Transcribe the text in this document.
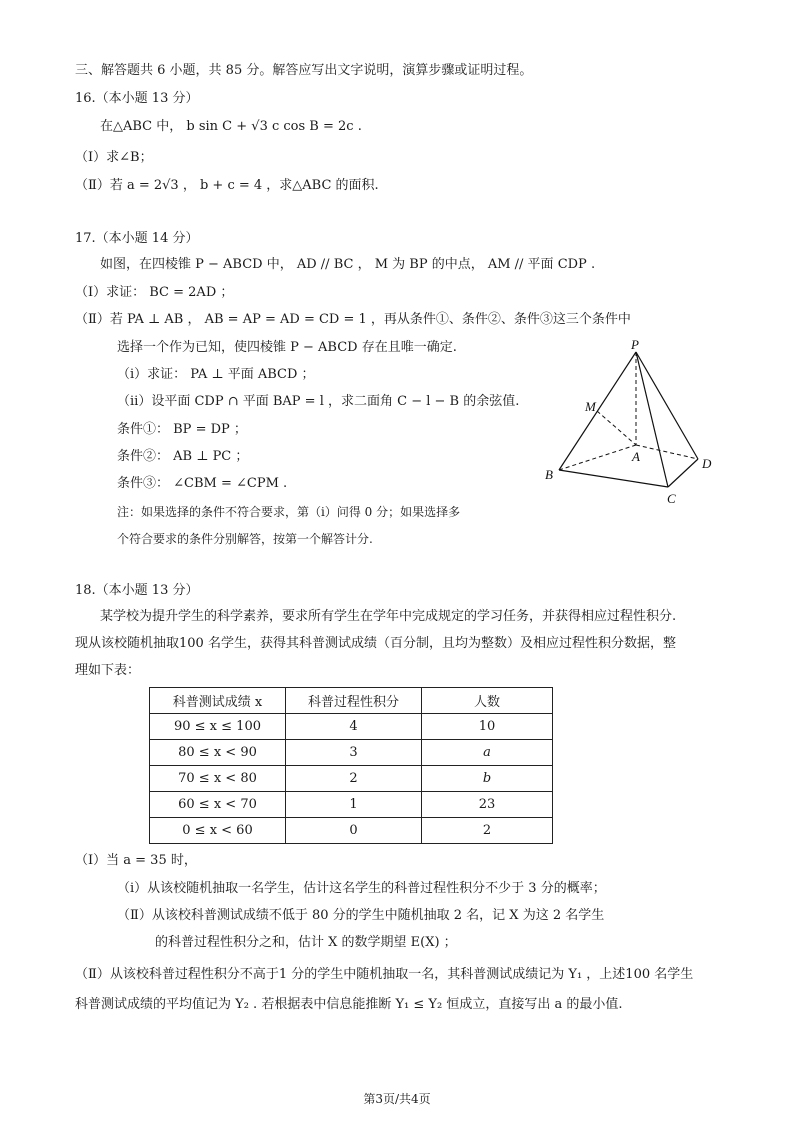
三、解答题共 6 小题，共 85 分。解答应写出文字说明，演算步骤或证明过程。
16.（本小题 13 分）
在△ABC 中， b sin C + √3 c cos B = 2c .
（Ⅰ）求∠B；
（Ⅱ）若 a = 2√3 ， b + c = 4 ，求△ABC 的面积.
17.（本小题 14 分）
如图，在四棱锥 P − ABCD 中， AD // BC ， M 为 BP 的中点， AM // 平面 CDP .
（Ⅰ）求证： BC = 2AD ；
（Ⅱ）若 PA ⊥ AB ， AB = AP = AD = CD = 1 ，再从条件①、条件②、条件③这三个条件中
选择一个作为已知，使四棱锥 P − ABCD 存在且唯一确定.
（ⅰ）求证： PA ⊥ 平面 ABCD ；
（ⅱ）设平面 CDP ∩ 平面 BAP = l ，求二面角 C − l − B 的余弦值.
条件①： BP = DP ；
条件②： AB ⊥ PC ；
条件③： ∠CBM = ∠CPM .
注：如果选择的条件不符合要求，第（ⅰ）问得 0 分；如果选择多
个符合要求的条件分别解答，按第一个解答计分.
P
M
A
B
C
D
18.（本小题 13 分）
某学校为提升学生的科学素养，要求所有学生在学年中完成规定的学习任务，并获得相应过程性积分.
现从该校随机抽取100 名学生，获得其科普测试成绩（百分制，且均为整数）及相应过程性积分数据，整
理如下表：
科普测试成绩 x	科普过程性积分	人数
90 ≤ x ≤ 100	4	10
80 ≤ x < 90	3	a
70 ≤ x < 80	2	b
60 ≤ x < 70	1	23
0 ≤ x < 60	0	2
（Ⅰ）当 a = 35 时，
（ⅰ）从该校随机抽取一名学生，估计这名学生的科普过程性积分不少于 3 分的概率；
（Ⅱ）从该校科普测试成绩不低于 80 分的学生中随机抽取 2 名，记 X 为这 2 名学生
的科普过程性积分之和，估计 X 的数学期望 E(X) ；
（Ⅱ）从该校科普过程性积分不高于1 分的学生中随机抽取一名，其科普测试成绩记为 Y₁ ，上述100 名学生
科普测试成绩的平均值记为 Y₂ . 若根据表中信息能推断 Y₁ ≤ Y₂ 恒成立，直接写出 a 的最小值.
第3页/共4页
